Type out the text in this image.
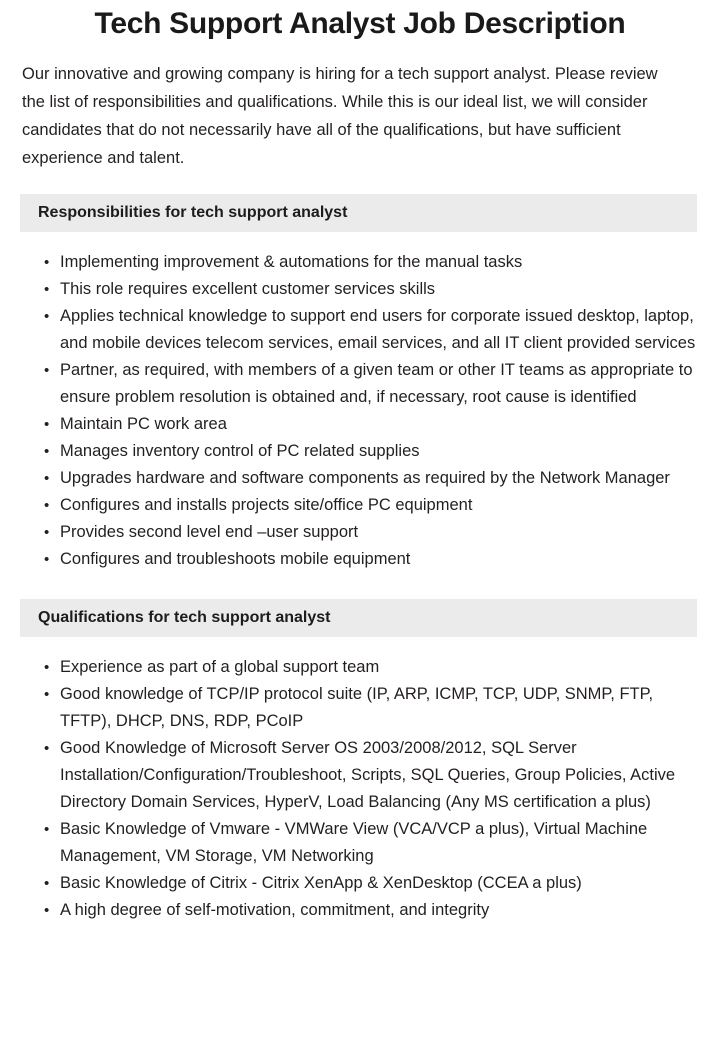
Tech Support Analyst Job Description

Our innovative and growing company is hiring for a tech support analyst. Please review the list of responsibilities and qualifications. While this is our ideal list, we will consider candidates that do not necessarily have all of the qualifications, but have sufficient experience and talent.

Responsibilities for tech support analyst
• Implementing improvement & automations for the manual tasks
• This role requires excellent customer services skills
• Applies technical knowledge to support end users for corporate issued desktop, laptop, and mobile devices telecom services, email services, and all IT client provided services
• Partner, as required, with members of a given team or other IT teams as appropriate to ensure problem resolution is obtained and, if necessary, root cause is identified
• Maintain PC work area
• Manages inventory control of PC related supplies
• Upgrades hardware and software components as required by the Network Manager
• Configures and installs projects site/office PC equipment
• Provides second level end –user support
• Configures and troubleshoots mobile equipment
Qualifications for tech support analyst
• Experience as part of a global support team
• Good knowledge of TCP/IP protocol suite (IP, ARP, ICMP, TCP, UDP, SNMP, FTP, TFTP), DHCP, DNS, RDP, PCoIP
• Good Knowledge of Microsoft Server OS 2003/2008/2012, SQL Server Installation/Configuration/Troubleshoot, Scripts, SQL Queries, Group Policies, Active Directory Domain Services, HyperV, Load Balancing (Any MS certification a plus)
• Basic Knowledge of Vmware - VMWare View (VCA/VCP a plus), Virtual Machine Management, VM Storage, VM Networking
• Basic Knowledge of Citrix - Citrix XenApp & XenDesktop (CCEA a plus)
• A high degree of self-motivation, commitment, and integrity
